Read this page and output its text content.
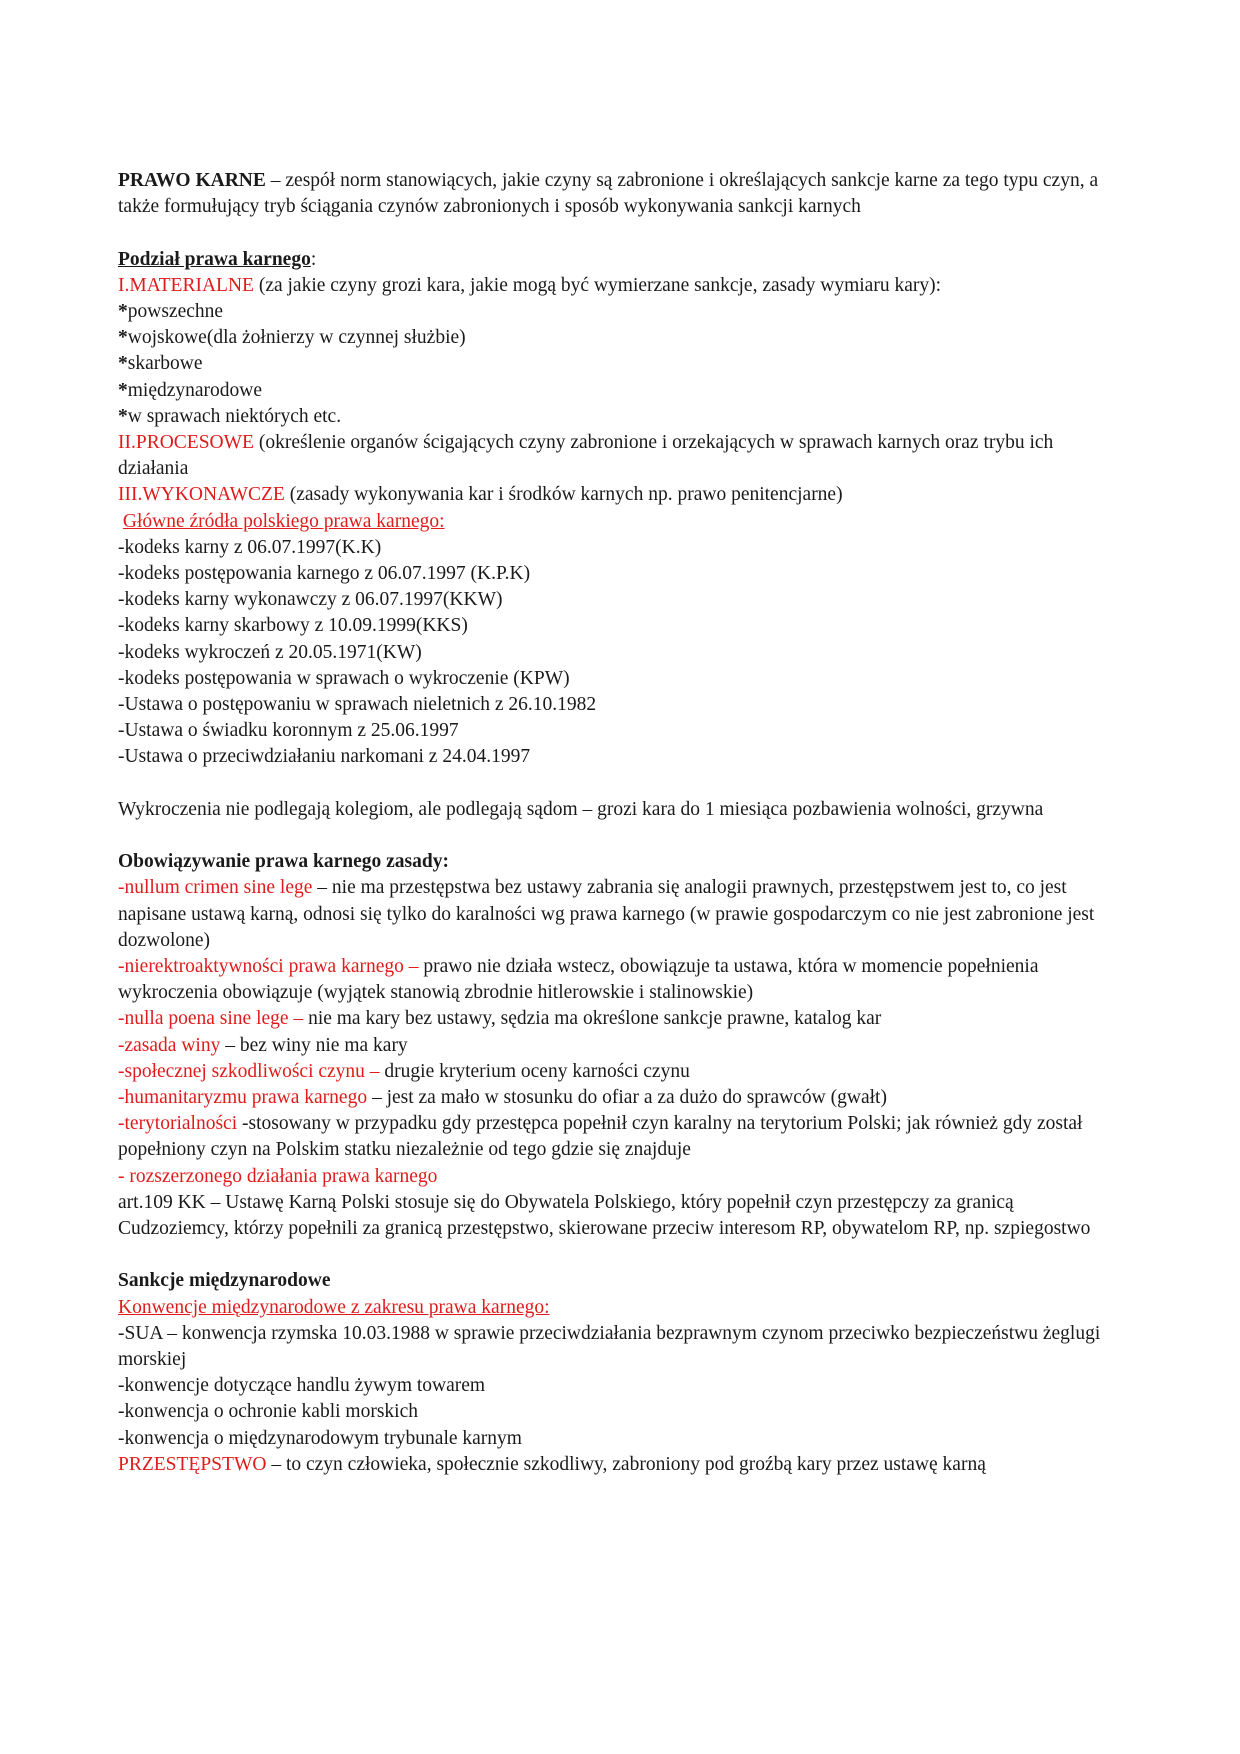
PRAWO KARNE – zespół norm stanowiących, jakie czyny są zabronione i określających sankcje karne za tego typu czyn, a także formułujący tryb ściągania czynów zabronionych i sposób wykonywania sankcji karnych

Podział prawa karnego:

I.MATERIALNE (za jakie czyny grozi kara, jakie mogą być wymierzane sankcje, zasady wymiaru kary):

*powszechne

*wojskowe(dla żołnierzy w czynnej służbie)

*skarbowe

*międzynarodowe

*w sprawach niektórych etc.

II.PROCESOWE (określenie organów ścigających czyny zabronione i orzekających w sprawach karnych oraz trybu ich działania

III.WYKONAWCZE (zasady wykonywania kar i środków karnych np. prawo penitencjarne)

Główne źródła polskiego prawa karnego:

-kodeks karny z 06.07.1997(K.K)

-kodeks postępowania karnego z 06.07.1997 (K.P.K)

-kodeks karny wykonawczy z 06.07.1997(KKW)

-kodeks karny skarbowy z 10.09.1999(KKS)

-kodeks wykroczeń z 20.05.1971(KW)

-kodeks postępowania w sprawach o wykroczenie (KPW)

-Ustawa o postępowaniu w sprawach nieletnich z 26.10.1982

-Ustawa o świadku koronnym z 25.06.1997

-Ustawa o przeciwdziałaniu narkomani z 24.04.1997

Wykroczenia nie podlegają kolegiom, ale podlegają sądom – grozi kara do 1 miesiąca pozbawienia wolności, grzywna

Obowiązywanie prawa karnego zasady:

-nullum crimen sine lege – nie ma przestępstwa bez ustawy zabrania się analogii prawnych, przestępstwem jest to, co jest napisane ustawą karną, odnosi się tylko do karalności wg prawa karnego (w prawie gospodarczym co nie jest zabronione jest dozwolone)

-nierektroaktywności prawa karnego – prawo nie działa wstecz, obowiązuje ta ustawa, która w momencie popełnienia wykroczenia obowiązuje (wyjątek stanowią zbrodnie hitlerowskie i stalinowskie)

-nulla poena sine lege – nie ma kary bez ustawy, sędzia ma określone sankcje prawne, katalog kar

-zasada winy – bez winy nie ma kary

-społecznej szkodliwości czynu – drugie kryterium oceny karności czynu

-humanitaryzmu prawa karnego – jest za mało w stosunku do ofiar a za dużo do sprawców (gwałt)

-terytorialności -stosowany w przypadku gdy przestępca popełnił czyn karalny na terytorium Polski; jak również gdy został popełniony czyn na Polskim statku niezależnie od tego gdzie się znajduje

- rozszerzonego działania prawa karnego

art.109 KK – Ustawę Karną Polski stosuje się do Obywatela Polskiego, który popełnił czyn przestępczy za granicą

Cudzoziemcy, którzy popełnili za granicą przestępstwo, skierowane przeciw interesom RP, obywatelom RP, np. szpiegostwo

Sankcje międzynarodowe

Konwencje międzynarodowe z zakresu prawa karnego:

-SUA – konwencja rzymska 10.03.1988 w sprawie przeciwdziałania bezprawnym czynom przeciwko bezpieczeństwu żeglugi morskiej

-konwencje dotyczące handlu żywym towarem

-konwencja o ochronie kabli morskich

-konwencja o międzynarodowym trybunale karnym

PRZESTĘPSTWO – to czyn człowieka, społecznie szkodliwy, zabroniony pod groźbą kary przez ustawę karną
